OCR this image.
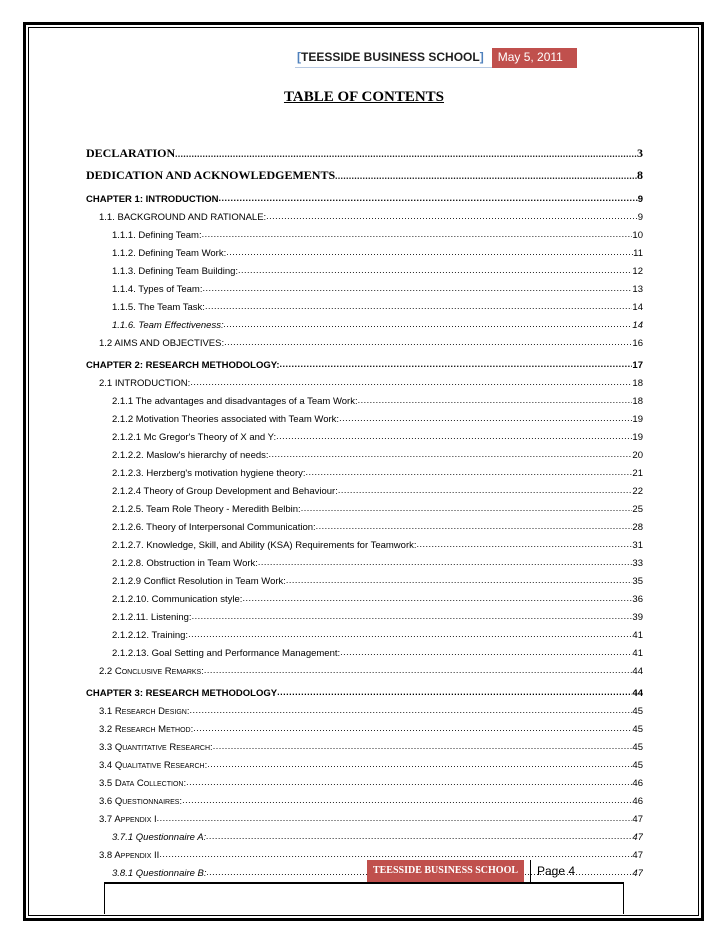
[TEESSIDE BUSINESS SCHOOL]	May 5, 2011
TABLE OF CONTENTS
DECLARATION .....	3
DEDICATION AND ACKNOWLEDGEMENTS .....	8
CHAPTER 1: INTRODUCTION .....	9
1.1. BACKGROUND AND RATIONALE: .....	9
1.1.1. Defining Team: .....	10
1.1.2. Defining Team Work: .....	11
1.1.3. Defining Team Building: .....	12
1.1.4. Types of Team: .....	13
1.1.5. The Team Task: .....	14
1.1.6. Team Effectiveness: .....	14
1.2 AIMS AND OBJECTIVES: .....	16
CHAPTER 2: RESEARCH METHODOLOGY: .....	17
2.1 INTRODUCTION: .....	18
2.1.1 The advantages and disadvantages of a Team Work: .....	18
2.1.2 Motivation Theories associated with Team Work: .....	19
2.1.2.1 Mc Gregor's Theory of X and Y: .....	19
2.1.2.2. Maslow's hierarchy of needs: .....	20
2.1.2.3. Herzberg's motivation hygiene theory: .....	21
2.1.2.4 Theory of Group Development and Behaviour: .....	22
2.1.2.5. Team Role Theory - Meredith Belbin: .....	25
2.1.2.6. Theory of Interpersonal Communication: .....	28
2.1.2.7. Knowledge, Skill, and Ability (KSA) Requirements for Teamwork: .....	31
2.1.2.8. Obstruction in Team Work: .....	33
2.1.2.9 Conflict Resolution in Team Work: .....	35
2.1.2.10. Communication style: .....	36
2.1.2.11. Listening: .....	39
2.1.2.12. Training: .....	41
2.1.2.13. Goal Setting and Performance Management: .....	41
2.2 Conclusive Remarks: .....	44
CHAPTER 3: RESEARCH METHODOLOGY .....	44
3.1 Research Design: .....	45
3.2 Research Method: .....	45
3.3 Quantitative Research: .....	45
3.4 Qualitative Research: .....	45
3.5 Data Collection: .....	46
3.6 Questionnaires: .....	46
3.7 Appendix I .....	47
3.7.1 Questionnaire A: .....	47
3.8 Appendix II .....	47
3.8.1 Questionnaire B: .....	47
TEESSIDE BUSINESS SCHOOL	Page 4
